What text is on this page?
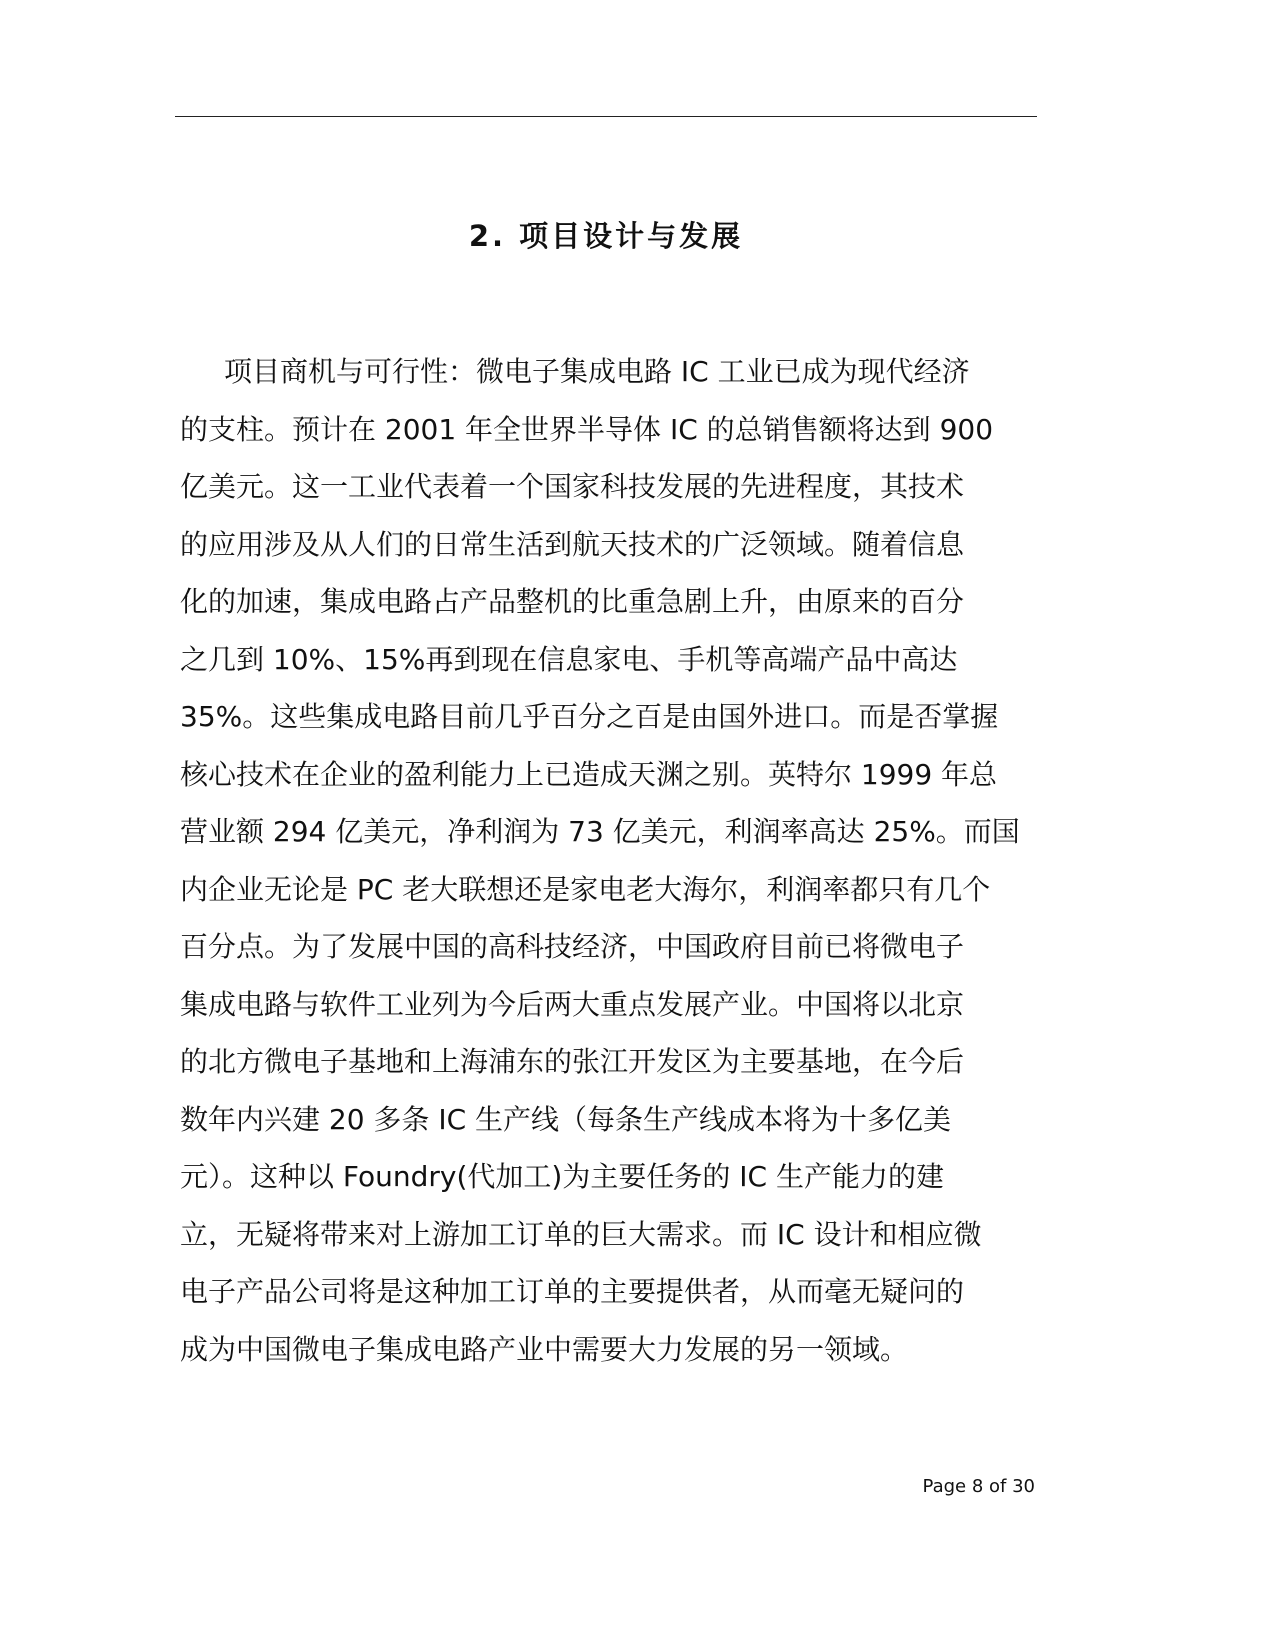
2. 项目设计与发展

项目商机与可行性：微电子集成电路 IC 工业已成为现代经济
的支柱。预计在 2001 年全世界半导体 IC 的总销售额将达到 900
亿美元。这一工业代表着一个国家科技发展的先进程度，其技术
的应用涉及从人们的日常生活到航天技术的广泛领域。随着信息
化的加速，集成电路占产品整机的比重急剧上升，由原来的百分
之几到 10%、15%再到现在信息家电、手机等高端产品中高达
35%。这些集成电路目前几乎百分之百是由国外进口。而是否掌握
核心技术在企业的盈利能力上已造成天渊之别。英特尔 1999 年总
营业额 294 亿美元，净利润为 73 亿美元，利润率高达 25%。而国
内企业无论是 PC 老大联想还是家电老大海尔，利润率都只有几个
百分点。为了发展中国的高科技经济，中国政府目前已将微电子
集成电路与软件工业列为今后两大重点发展产业。中国将以北京
的北方微电子基地和上海浦东的张江开发区为主要基地，在今后
数年内兴建 20 多条 IC 生产线（每条生产线成本将为十多亿美
元）。这种以 Foundry(代加工)为主要任务的 IC 生产能力的建
立，无疑将带来对上游加工订单的巨大需求。而 IC 设计和相应微
电子产品公司将是这种加工订单的主要提供者，从而毫无疑问的
成为中国微电子集成电路产业中需要大力发展的另一领域。

Page 8 of 30
